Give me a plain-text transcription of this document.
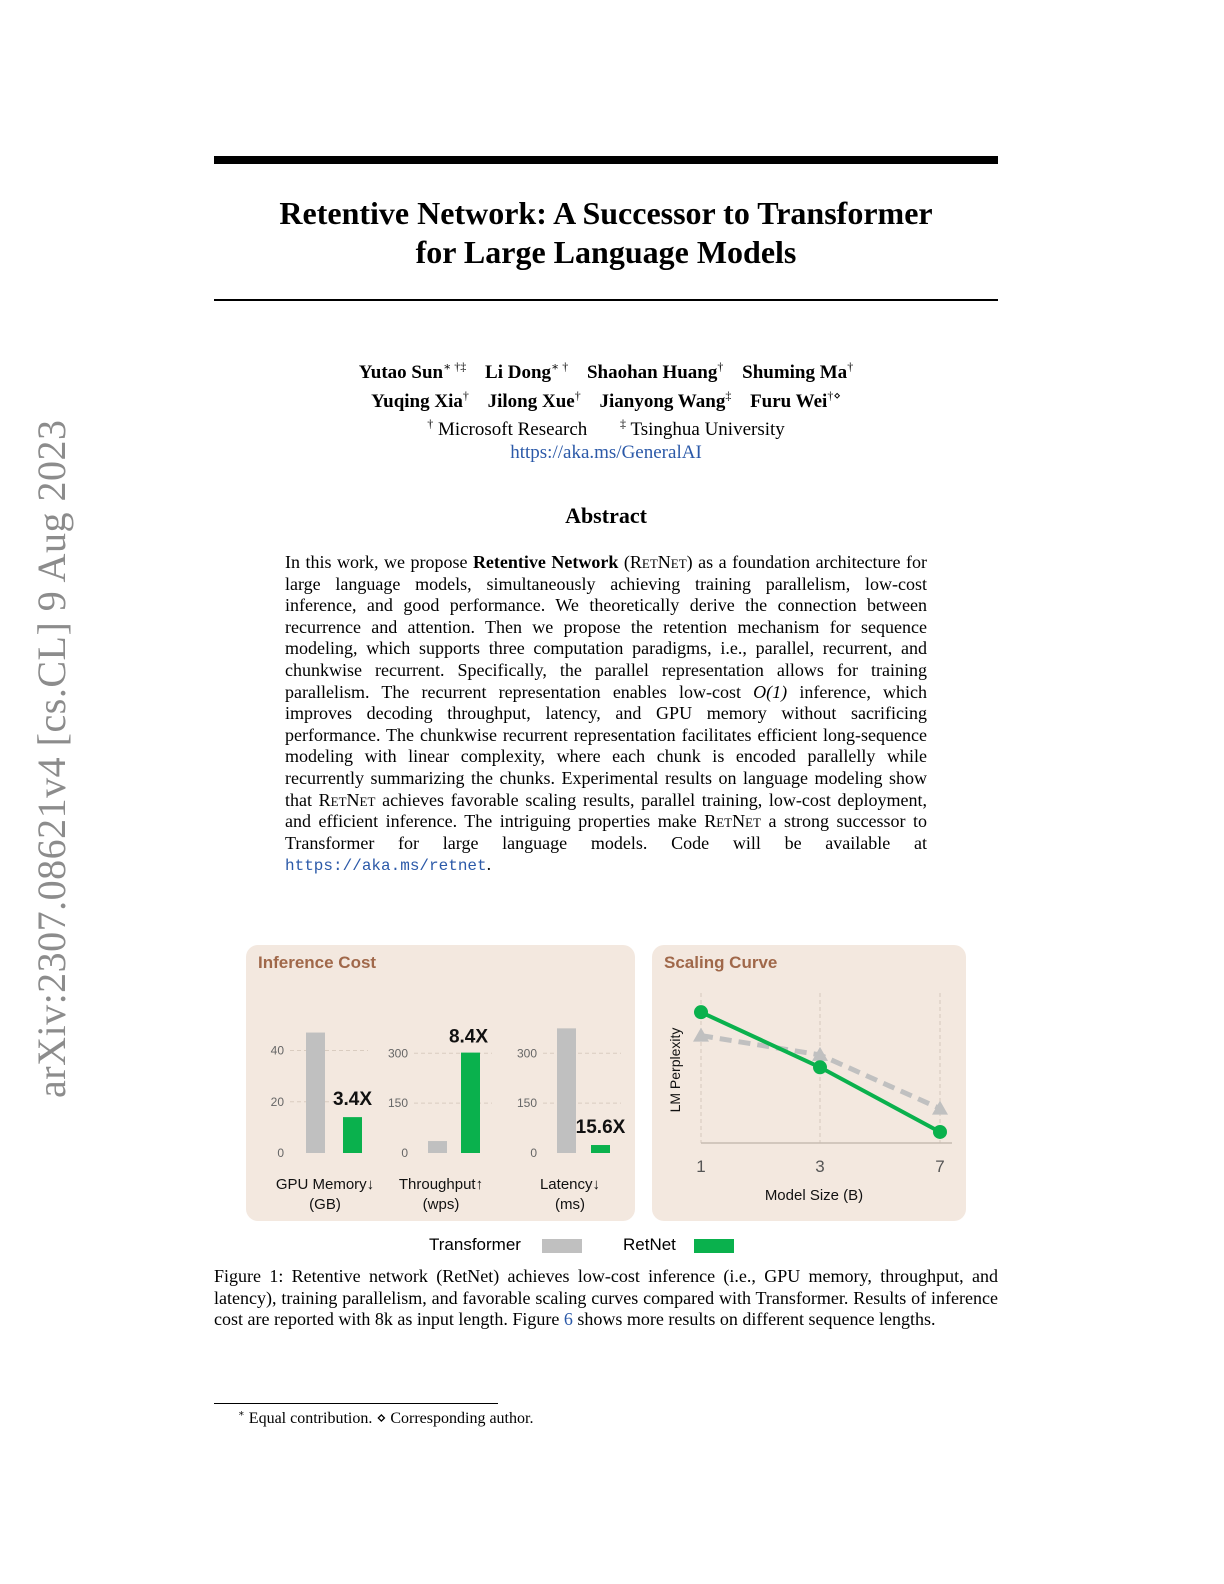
arXiv:2307.08621v4 [cs.CL] 9 Aug 2023
Retentive Network: A Successor to Transformer
for Large Language Models
Yutao Sun∗ †‡ Li Dong∗ † Shaohan Huang† Shuming Ma†
Yuqing Xia† Jilong Xue† Jianyong Wang‡ Furu Wei†⋄
† Microsoft Research	‡ Tsinghua University
https://aka.ms/GeneralAI
Abstract
In this work, we propose Retentive Network (RetNet) as a foundation architecture for large language models, simultaneously achieving training parallelism, low-cost inference, and good performance. We theoretically derive the connection between recurrence and attention. Then we propose the retention mechanism for sequence modeling, which supports three computation paradigms, i.e., parallel, recurrent, and chunkwise recurrent. Specifically, the parallel representation allows for training parallelism. The recurrent representation enables low-cost O(1) inference, which improves decoding throughput, latency, and GPU memory without sacrificing performance. The chunkwise recurrent representation facilitates efficient long-sequence modeling with linear complexity, where each chunk is encoded parallelly while recurrently summarizing the chunks. Experimental results on language modeling show that RetNet achieves favorable scaling results, parallel training, low-cost deployment, and efficient inference. The intriguing properties make RetNet a strong successor to Transformer for large language models. Code will be available at https://aka.ms/retnet.
Inference Cost
0
20
40
3.4X
GPU Memory↓
(GB)
0
150
300
8.4X
Throughput↑
(wps)
0
150
300
15.6X
Latency↓
(ms)
Scaling Curve
1	3	7
Model Size (B)
LM Perplexity
Transformer	RetNet
Figure 1: Retentive network (RetNet) achieves low-cost inference (i.e., GPU memory, throughput, and latency), training parallelism, and favorable scaling curves compared with Transformer. Results of inference cost are reported with 8k as input length. Figure 6 shows more results on different sequence lengths.
∗ Equal contribution. ⋄ Corresponding author.
